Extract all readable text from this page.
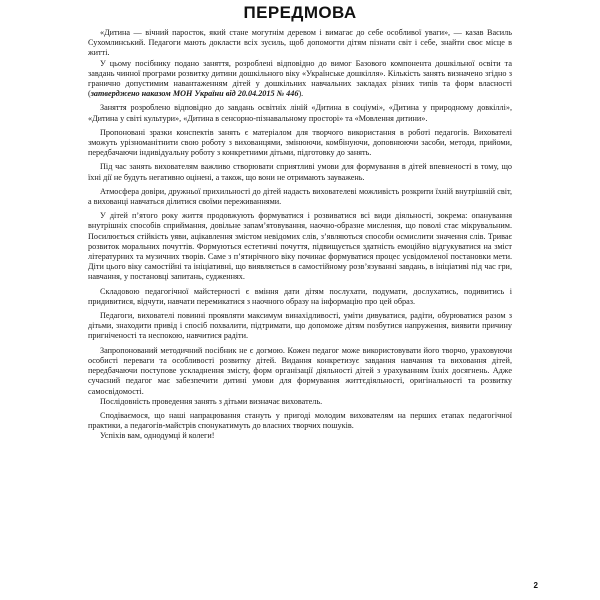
ПЕРЕДМОВА

«Дитина — вічний паросток, який стане могутнім деревом і вимагає до себе особливої уваги», — казав Василь Сухомлинський. Педагоги мають докласти всіх зусиль, щоб допомогти дітям пізнати світ і себе, знайти своє місце в житті.

У цьому посібнику подано заняття, розроблені відповідно до вимог Базового компонента дошкільної освіти та завдань чинної програми розвитку дитини дошкільного віку «Українське дошкілля». Кількість занять визначено згідно з гранично допустимим навантаженням дітей у дошкільних навчальних закладах різних типів та форм власності (затверджено наказом МОН України від 20.04.2015 № 446).

Заняття розроблено відповідно до завдань освітніх ліній «Дитина в соціумі», «Дитина у природному довкіллі», «Дитина у світі культури», «Дитина в сенсорно-пізнавальному просторі» та «Мовлення дитини».

Пропоновані зразки конспектів занять є матеріалом для творчого використання в роботі педагогів. Вихователі зможуть урізноманітнити свою роботу з вихованцями, змінюючи, комбінуючи, доповнюючи засоби, методи, прийоми, передбачаючи індивідуальну роботу з конкретними дітьми, підготовку до занять.

Під час занять вихователям важливо створювати сприятливі умови для формування в дітей впевненості в тому, що їхні дії не будуть негативно оцінені, а також, що вони не отримають зауважень.

Атмосфера довіри, дружньої прихильності до дітей надасть вихователеві можливість розкрити їхній внутрішній світ, а вихованці навчаться ділитися своїми переживаннями.

У дітей п’ятого року життя продовжують формуватися і розвиватися всі види діяльності, зокрема: опанування внутрішніх способів сприймання, довільне запам’ятовування, наочно-образне мислення, що поволі стає мікрувальним. Посилюється стійкість уяви, ацікавлення змістом невідомих слів, з’являються способи осмислити значення слів. Триває розвиток моральних почуттів. Формуються естетичні почуття, підвищується здатність емоційно відгукуватися на зміст літературних та музичних творів. Саме з п’ятирічного віку починає формуватися процес усвідомленої постановки мети. Діти цього віку самостійні та ініціативні, що виявляється в самостійному розв’язуванні завдань, в ініціативі під час гри, навчання, у постановці запитань, судженнях.

Складовою педагогічної майстерності є вміння дати дітям послухати, подумати, дослухатись, подивитись і придивитися, відчути, навчати перемикатися з наочного образу на інформацію про цей образ.

Педагоги, вихователі повинні проявляти максимум винахідливості, уміти дивуватися, радіти, обурюватися разом з дітьми, знаходити привід і спосіб похвалити, підтримати, що допоможе дітям позбутися напруження, виявити причину пригніченості та неспокою, навчитися радіти.

Запропонований методичний посібник не є догмою. Кожен педагог може використовувати його творчо, ураховуючи особисті переваги та особливості розвитку дітей. Видання конкретизує завдання навчання та виховання дітей, передбачаючи поступове ускладнення змісту, форм організації діяльності дітей з урахуванням їхніх досягнень. Адже сучасний педагог має забезпечити дитині умови для формування життєдіяльності, оригінальності та розвитку самосвідомості.

Послідовність проведення занять з дітьми визначає вихователь.

Сподіваємося, що наші напрацювання стануть у пригоді молодим вихователям на перших етапах педагогічної практики, а педагогів-майстрів спонукатимуть до власних творчих пошуків.

Успіхів вам, однодумці й колеги!

2
